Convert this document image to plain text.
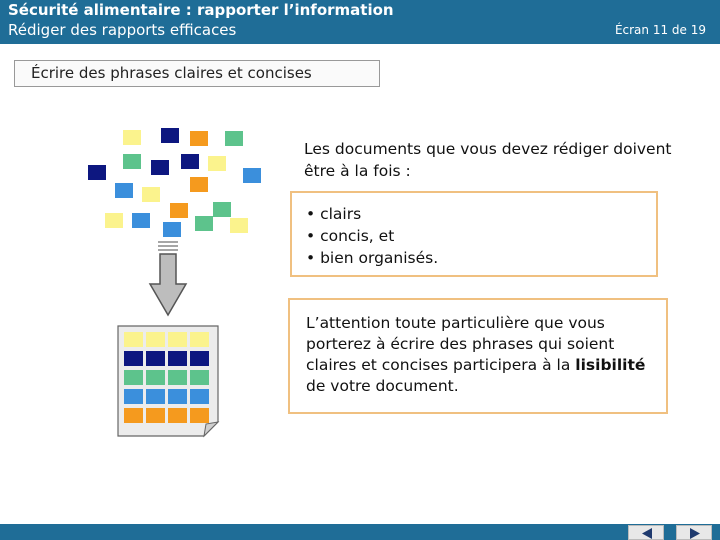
Sécurité alimentaire : rapporter l’information
Rédiger des rapports efficaces	Écran 11 de 19
Écrire des phrases claires et concises
Les documents que vous devez rédiger doivent être à la fois :
• clairs
• concis, et
• bien organisés.
L’attention toute particulière que vous porterez à écrire des phrases qui soient claires et concises participera à la lisibilité de votre document.
